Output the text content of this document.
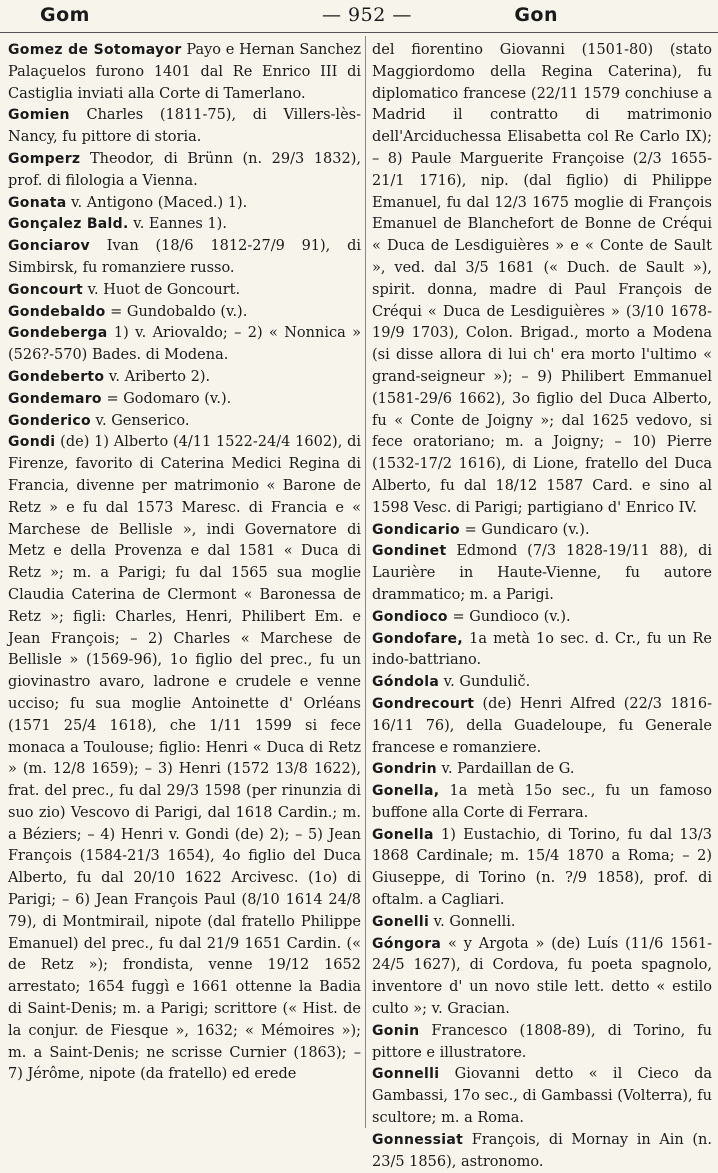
Gom	— 952 —	Gon

Gomez de Sotomayor Payo e Hernan Sanchez Palaçuelos furono 1401 dal Re Enrico III di Castiglia inviati alla Corte di Tamerlano.

Gomien Charles (1811-75), di Villers-lès-Nancy, fu pittore di storia.

Gomperz Theodor, di Brünn (n. 29/3 1832), prof. di filologia a Vienna.

Gonata v. Antigono (Maced.) 1).

Gonçalez Bald. v. Eannes 1).

Gonciarov Ivan (18/6 1812-27/9 91), di Simbirsk, fu romanziere russo.

Goncourt v. Huot de Goncourt.

Gondebaldo = Gundobaldo (v.).

Gondeberga 1) v. Ariovaldo; – 2) « Nonnica » (526?-570) Bades. di Modena.

Gondeberto v. Ariberto 2).

Gondemaro = Godomaro (v.).

Gonderico v. Genserico.

Gondi (de) 1) Alberto (4/11 1522-24/4 1602), di Firenze, favorito di Caterina Medici Regina di Francia, divenne per matrimonio « Barone de Retz » e fu dal 1573 Maresc. di Francia e « Marchese de Bellisle », indi Governatore di Metz e della Provenza e dal 1581 « Duca di Retz »; m. a Parigi; fu dal 1565 sua moglie Claudia Caterina de Clermont « Baronessa de Retz »; figli: Charles, Henri, Philibert Em. e Jean François; – 2) Charles « Marchese de Bellisle » (1569-96), 1o figlio del prec., fu un giovinastro avaro, ladrone e crudele e venne ucciso; fu sua moglie Antoinette d' Orléans (1571 25/4 1618), che 1/11 1599 si fece monaca a Toulouse; figlio: Henri « Duca di Retz » (m. 12/8 1659); – 3) Henri (1572 13/8 1622), frat. del prec., fu dal 29/3 1598 (per rinunzia di suo zio) Vescovo di Parigi, dal 1618 Cardin.; m. a Béziers; – 4) Henri v. Gondi (de) 2); – 5) Jean François (1584-21/3 1654), 4o figlio del Duca Alberto, fu dal 20/10 1622 Arcivesc. (1o) di Parigi; – 6) Jean François Paul (8/10 1614 24/8 79), di Montmirail, nipote (dal fratello Philippe Emanuel) del prec., fu dal 21/9 1651 Cardin. (« de Retz »); frondista, venne 19/12 1652 arrestato; 1654 fuggì e 1661 ottenne la Badia di Saint-Denis; m. a Parigi; scrittore (« Hist. de la conjur. de Fiesque », 1632; « Mémoires »); m. a Saint-Denis; ne scrisse Curnier (1863); – 7) Jérôme, nipote (da fratello) ed erede

del fiorentino Giovanni (1501-80) (stato Maggiordomo della Regina Caterina), fu diplomatico francese (22/11 1579 conchiuse a Madrid il contratto di matrimonio dell'Arciduchessa Elisabetta col Re Carlo IX); – 8) Paule Marguerite Françoise (2/3 1655-21/1 1716), nip. (dal figlio) di Philippe Emanuel, fu dal 12/3 1675 moglie di François Emanuel de Blanchefort de Bonne de Créqui « Duca de Lesdiguières » e « Conte de Sault », ved. dal 3/5 1681 (« Duch. de Sault »), spirit. donna, madre di Paul François de Créqui « Duca de Lesdiguières » (3/10 1678-19/9 1703), Colon. Brigad., morto a Modena (si disse allora di lui ch' era morto l'ultimo « grand-seigneur »); – 9) Philibert Emmanuel (1581-29/6 1662), 3o figlio del Duca Alberto, fu « Conte de Joigny »; dal 1625 vedovo, si fece oratoriano; m. a Joigny; – 10) Pierre (1532-17/2 1616), di Lione, fratello del Duca Alberto, fu dal 18/12 1587 Card. e sino al 1598 Vesc. di Parigi; partigiano d' Enrico IV.

Gondicario = Gundicaro (v.).

Gondinet Edmond (7/3 1828-19/11 88), di Laurière in Haute-Vienne, fu autore drammatico; m. a Parigi.

Gondioco = Gundioco (v.).

Gondofare, 1a metà 1o sec. d. Cr., fu un Re indo-battriano.

Góndola v. Gundulič.

Gondrecourt (de) Henri Alfred (22/3 1816-16/11 76), della Guadeloupe, fu Generale francese e romanziere.

Gondrin v. Pardaillan de G.

Gonella, 1a metà 15o sec., fu un famoso buffone alla Corte di Ferrara.

Gonella 1) Eustachio, di Torino, fu dal 13/3 1868 Cardinale; m. 15/4 1870 a Roma; – 2) Giuseppe, di Torino (n. ?/9 1858), prof. di oftalm. a Cagliari.

Gonelli v. Gonnelli.

Góngora « y Argota » (de) Luís (11/6 1561-24/5 1627), di Cordova, fu poeta spagnolo, inventore d' un novo stile lett. detto « estilo culto »; v. Gracian.

Gonin Francesco (1808-89), di Torino, fu pittore e illustratore.

Gonnelli Giovanni detto « il Cieco da Gambassi, 17o sec., di Gambassi (Volterra), fu scultore; m. a Roma.

Gonnessiat François, di Mornay in Ain (n. 23/5 1856), astronomo.
